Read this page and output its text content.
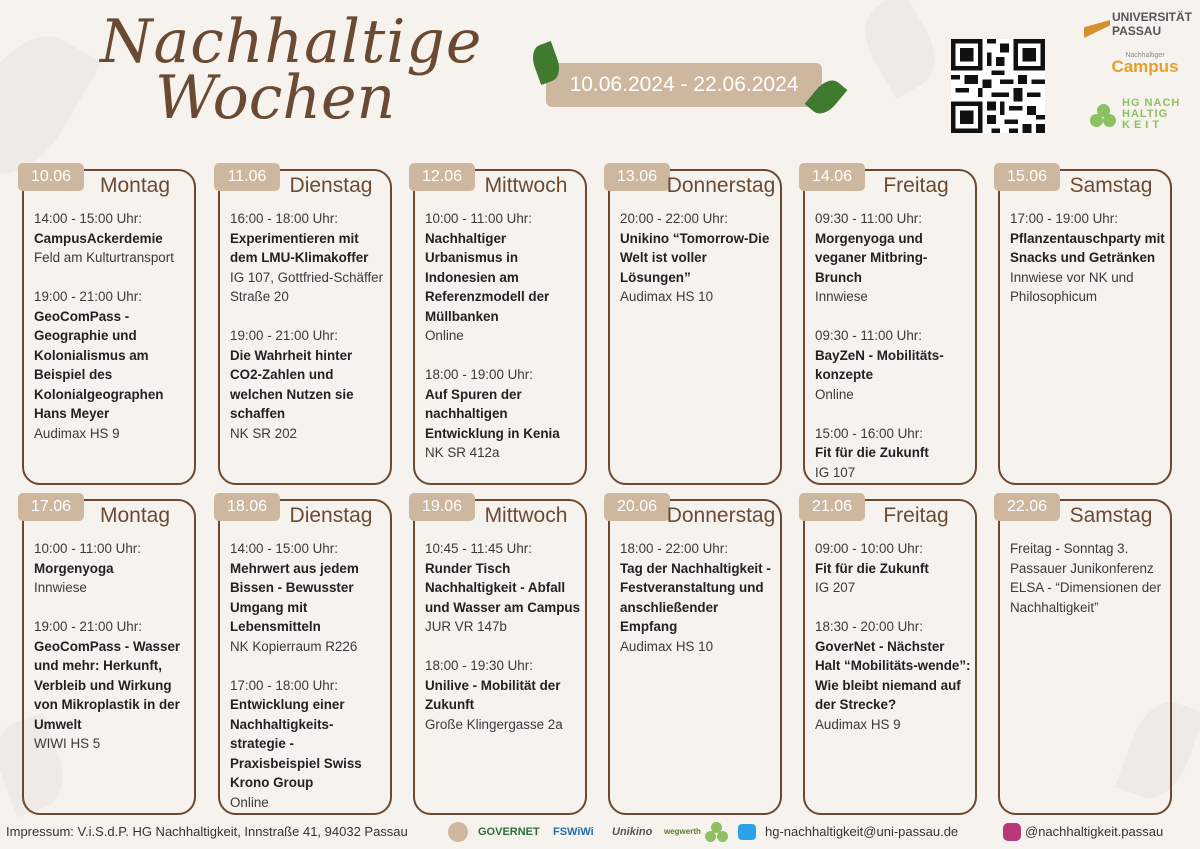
Nachhaltige
Wochen	10.06.2024 - 22.06.2024
UNIVERSITÄT PASSAU
Nachhaltiger
Campus
HG NACH
HALTIG
KEIT
10.06	Montag
14:00 - 15:00 Uhr:
CampusAckerdemie
Feld am Kulturtransport
19:00 - 21:00 Uhr:
GeoComPass - Geographie und Kolonialismus am Beispiel des Kolonialgeographen Hans Meyer
Audimax HS 9
11.06	Dienstag
16:00 - 18:00 Uhr:
Experimentieren mit dem LMU-Klimakoffer
IG 107, Gottfried-Schäffer Straße 20
19:00 - 21:00 Uhr:
Die Wahrheit hinter CO2-Zahlen und welchen Nutzen sie schaffen
NK SR 202
12.06	Mittwoch
10:00 - 11:00 Uhr:
Nachhaltiger Urbanismus in Indonesien am Referenzmodell der Müllbanken
Online
18:00 - 19:00 Uhr:
Auf Spuren der nachhaltigen Entwicklung in Kenia
NK SR 412a
13.06 Donnerstag
20:00 - 22:00 Uhr:
Unikino “Tomorrow-Die Welt ist voller Lösungen”
Audimax HS 10
14.06	Freitag
09:30 - 11:00 Uhr:
Morgenyoga und veganer Mitbring-Brunch
Innwiese
09:30 - 11:00 Uhr:
BayZeN - Mobilitäts-konzepte
Online
15:00 - 16:00 Uhr:
Fit für die Zukunft
IG 107
15.06	Samstag
17:00 - 19:00 Uhr:
Pflanzentauschparty mit Snacks und Getränken
Innwiese vor NK und Philosophicum
17.06	Montag
10:00 - 11:00 Uhr:
Morgenyoga
Innwiese
19:00 - 21:00 Uhr:
GeoComPass - Wasser und mehr: Herkunft, Verbleib und Wirkung von Mikroplastik in der Umwelt
WIWI HS 5
18.06	Dienstag
14:00 - 15:00 Uhr:
Mehrwert aus jedem Bissen - Bewusster Umgang mit Lebensmitteln
NK Kopierraum R226
17:00 - 18:00 Uhr:
Entwicklung einer Nachhaltigkeits-strategie - Praxisbeispiel Swiss Krono Group
Online
19.06	Mittwoch
10:45 - 11:45 Uhr:
Runder Tisch Nachhaltigkeit - Abfall und Wasser am Campus
JUR VR 147b
18:00 - 19:30 Uhr:
Unilive - Mobilität der Zukunft
Große Klingergasse 2a
20.06 Donnerstag
18:00 - 22:00 Uhr:
Tag der Nachhaltigkeit - Festveranstaltung und anschließender Empfang
Audimax HS 10
21.06	Freitag
09:00 - 10:00 Uhr:
Fit für die Zukunft
IG 207
18:30 - 20:00 Uhr:
GoverNet - Nächster Halt “Mobilitäts-wende”: Wie bleibt niemand auf der Strecke?
Audimax HS 9
22.06	Samstag
Freitag - Sonntag 3. Passauer Junikonferenz ELSA - “Dimensionen der Nachhaltigkeit”
Impressum: V.i.S.d.P. HG Nachhaltigkeit, Innstraße 41, 94032 Passau	GOVERNET FSWiWi Unikino wegwerth	hg-nachhaltigkeit@uni-passau.de	@nachhaltigkeit.passau
